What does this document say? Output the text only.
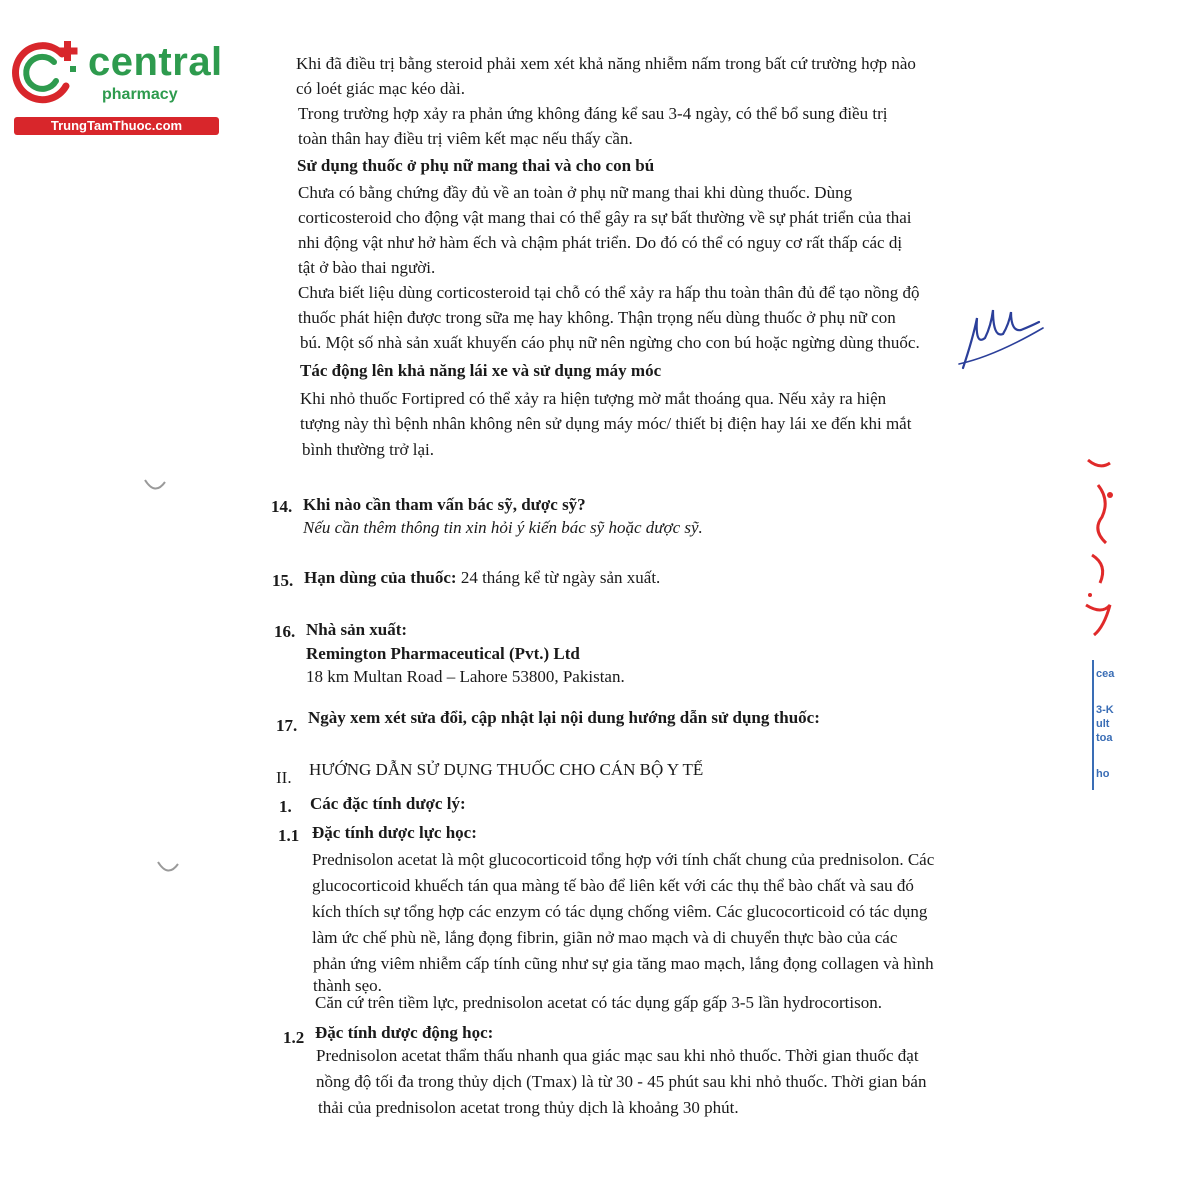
central
pharmacy
TrungTamThuoc.com
cea
3-K
ult
toa
ho
Khi đã điều trị bằng steroid phải xem xét khả năng nhiễm nấm trong bất cứ trường hợp nào
có loét giác mạc kéo dài.
Trong trường hợp xảy ra phản ứng không đáng kể sau 3-4 ngày, có thể bổ sung điều trị
toàn thân hay điều trị viêm kết mạc nếu thấy cần.
Sử dụng thuốc ở phụ nữ mang thai và cho con bú
Chưa có bằng chứng đầy đủ về an toàn ở phụ nữ mang thai khi dùng thuốc. Dùng
corticosteroid cho động vật mang thai có thể gây ra sự bất thường về sự phát triển của thai
nhi động vật như hở hàm ếch và chậm phát triển. Do đó có thể có nguy cơ rất thấp các dị
tật ở bào thai người.
Chưa biết liệu dùng corticosteroid tại chỗ có thể xảy ra hấp thu toàn thân đủ để tạo nồng độ
thuốc phát hiện được trong sữa mẹ hay không. Thận trọng nếu dùng thuốc ở phụ nữ con
bú. Một số nhà sản xuất khuyến cáo phụ nữ nên ngừng cho con bú hoặc ngừng dùng thuốc.
Tác động lên khả năng lái xe và sử dụng máy móc
Khi nhỏ thuốc Fortipred có thể xảy ra hiện tượng mờ mắt thoáng qua. Nếu xảy ra hiện
tượng này thì bệnh nhân không nên sử dụng máy móc/ thiết bị điện hay lái xe đến khi mắt
bình thường trở lại.
14. Khi nào cần tham vấn bác sỹ, dược sỹ?
Nếu cần thêm thông tin xin hỏi ý kiến bác sỹ hoặc dược sỹ.
15. Hạn dùng của thuốc: 24 tháng kể từ ngày sản xuất.
16. Nhà sản xuất:
Remington Pharmaceutical (Pvt.) Ltd
18 km Multan Road – Lahore 53800, Pakistan.
17. Ngày xem xét sửa đổi, cập nhật lại nội dung hướng dẫn sử dụng thuốc:
II. HƯỚNG DẪN SỬ DỤNG THUỐC CHO CÁN BỘ Y TẾ
1. Các đặc tính dược lý:
1.1 Đặc tính dược lực học:
Prednisolon acetat là một glucocorticoid tổng hợp với tính chất chung của prednisolon. Các
glucocorticoid khuếch tán qua màng tế bào để liên kết với các thụ thể bào chất và sau đó
kích thích sự tổng hợp các enzym có tác dụng chống viêm. Các glucocorticoid có tác dụng
làm ức chế phù nề, lắng đọng fibrin, giãn nở mao mạch và di chuyển thực bào của các
phản ứng viêm nhiễm cấp tính cũng như sự gia tăng mao mạch, lắng đọng collagen và hình
thành sẹo.
Căn cứ trên tiềm lực, prednisolon acetat có tác dụng gấp gấp 3-5 lần hydrocortison.
1.2 Đặc tính dược động học:
Prednisolon acetat thẩm thấu nhanh qua giác mạc sau khi nhỏ thuốc. Thời gian thuốc đạt
nồng độ tối đa trong thủy dịch (Tmax) là từ 30 - 45 phút sau khi nhỏ thuốc. Thời gian bán
thải của prednisolon acetat trong thủy dịch là khoảng 30 phút.
